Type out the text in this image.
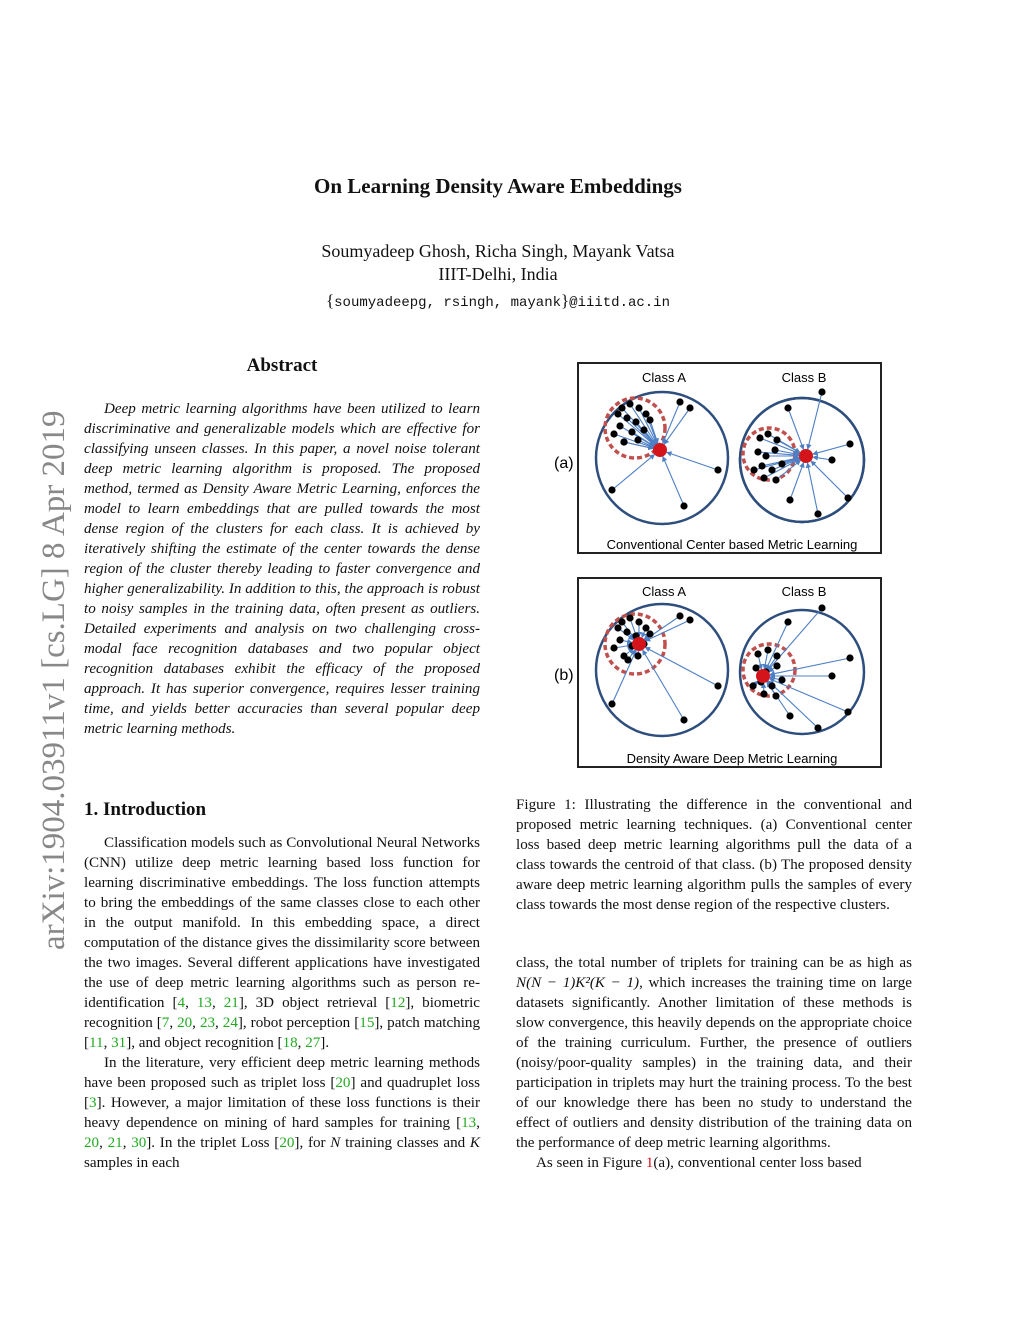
arXiv:1904.03911v1 [cs.LG] 8 Apr 2019
On Learning Density Aware Embeddings
Soumyadeep Ghosh, Richa Singh, Mayank Vatsa
IIIT-Delhi, India
{soumyadeepg, rsingh, mayank}@iiitd.ac.in
Abstract

Deep metric learning algorithms have been utilized to learn discriminative and generalizable models which are effective for classifying unseen classes. In this paper, a novel noise tolerant deep metric learning algorithm is proposed. The proposed method, termed as Density Aware Metric Learning, enforces the model to learn embeddings that are pulled towards the most dense region of the clusters for each class. It is achieved by iteratively shifting the estimate of the center towards the dense region of the cluster thereby leading to faster convergence and higher generalizability. In addition to this, the approach is robust to noisy samples in the training data, often present as outliers. Detailed experiments and analysis on two challenging cross-modal face recognition databases and two popular object recognition databases exhibit the efficacy of the proposed approach. It has superior convergence, requires lesser training time, and yields better accuracies than several popular deep metric learning methods.

1. Introduction

Classification models such as Convolutional Neural Networks (CNN) utilize deep metric learning based loss function for learning discriminative embeddings. The loss function attempts to bring the embeddings of the same classes close to each other in the output manifold. In this embedding space, a direct computation of the distance gives the dissimilarity score between the two images. Several different applications have investigated the use of deep metric learning algorithms such as person re-identification [4, 13, 21], 3D object retrieval [12], biometric recognition [7, 20, 23, 24], robot perception [15], patch matching [11, 31], and object recognition [18, 27].

In the literature, very efficient deep metric learning methods have been proposed such as triplet loss [20] and quadruplet loss [3]. However, a major limitation of these loss functions is their heavy dependence on mining of hard samples for training [13, 20, 21, 30]. In the triplet Loss [20], for N training classes and K samples in each

(a)
Class A	Class B
Conventional Center based Metric Learning
(b)
Class A	Class B
Density Aware Deep Metric Learning

Figure 1: Illustrating the difference in the conventional and proposed metric learning techniques. (a) Conventional center loss based deep metric learning algorithms pull the data of a class towards the centroid of that class. (b) The proposed density aware deep metric learning algorithm pulls the samples of every class towards the most dense region of the respective clusters.

class, the total number of triplets for training can be as high as N(N − 1)K²(K − 1), which increases the training time on large datasets significantly. Another limitation of these methods is slow convergence, this heavily depends on the appropriate choice of the training curriculum. Further, the presence of outliers (noisy/poor-quality samples) in the training data, and their participation in triplets may hurt the training process. To the best of our knowledge there has been no study to understand the effect of outliers and density distribution of the training data on the performance of deep metric learning algorithms.

As seen in Figure 1(a), conventional center loss based
